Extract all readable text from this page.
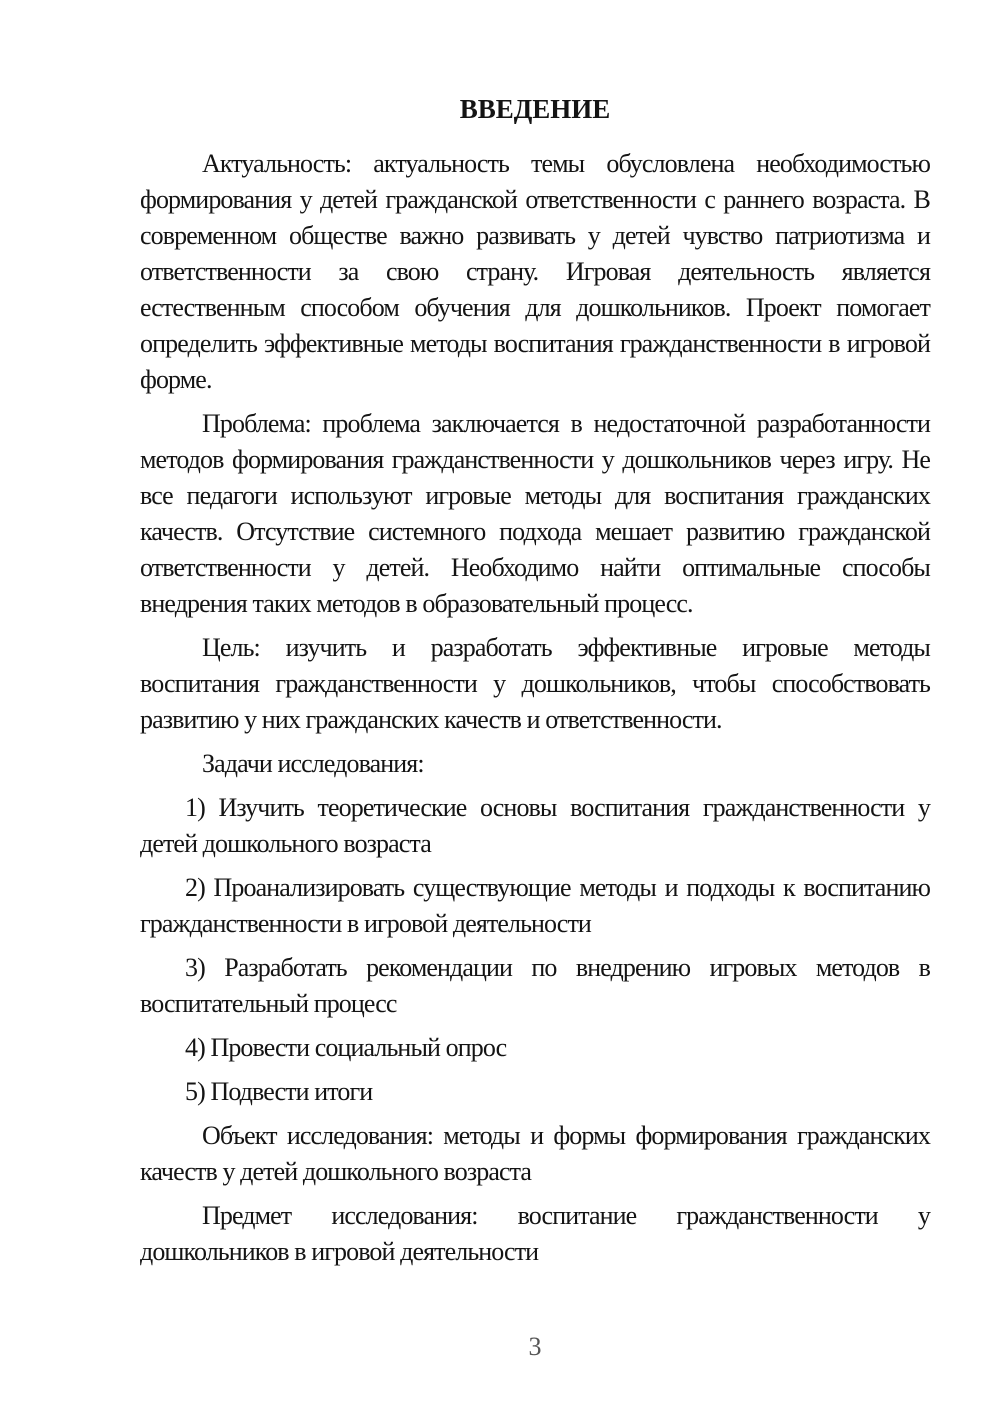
ВВЕДЕНИЕ

Актуальность: актуальность темы обусловлена необходимостью формирования у детей гражданской ответственности с раннего возраста. В современном обществе важно развивать у детей чувство патриотизма и ответственности за свою страну. Игровая деятельность является естественным способом обучения для дошкольников. Проект помогает определить эффективные методы воспитания гражданственности в игровой форме.

Проблема: проблема заключается в недостаточной разработанности методов формирования гражданственности у дошкольников через игру. Не все педагоги используют игровые методы для воспитания гражданских качеств. Отсутствие системного подхода мешает развитию гражданской ответственности у детей. Необходимо найти оптимальные способы внедрения таких методов в образовательный процесс.

Цель: изучить и разработать эффективные игровые методы воспитания гражданственности у дошкольников, чтобы способствовать развитию у них гражданских качеств и ответственности.

Задачи исследования:

1) Изучить теоретические основы воспитания гражданственности у детей дошкольного возраста

2) Проанализировать существующие методы и подходы к воспитанию гражданственности в игровой деятельности

3) Разработать рекомендации по внедрению игровых методов в воспитательный процесс

4) Провести социальный опрос

5) Подвести итоги

Объект исследования: методы и формы формирования гражданских качеств у детей дошкольного возраста

Предмет исследования: воспитание гражданственности у дошкольников в игровой деятельности

3
